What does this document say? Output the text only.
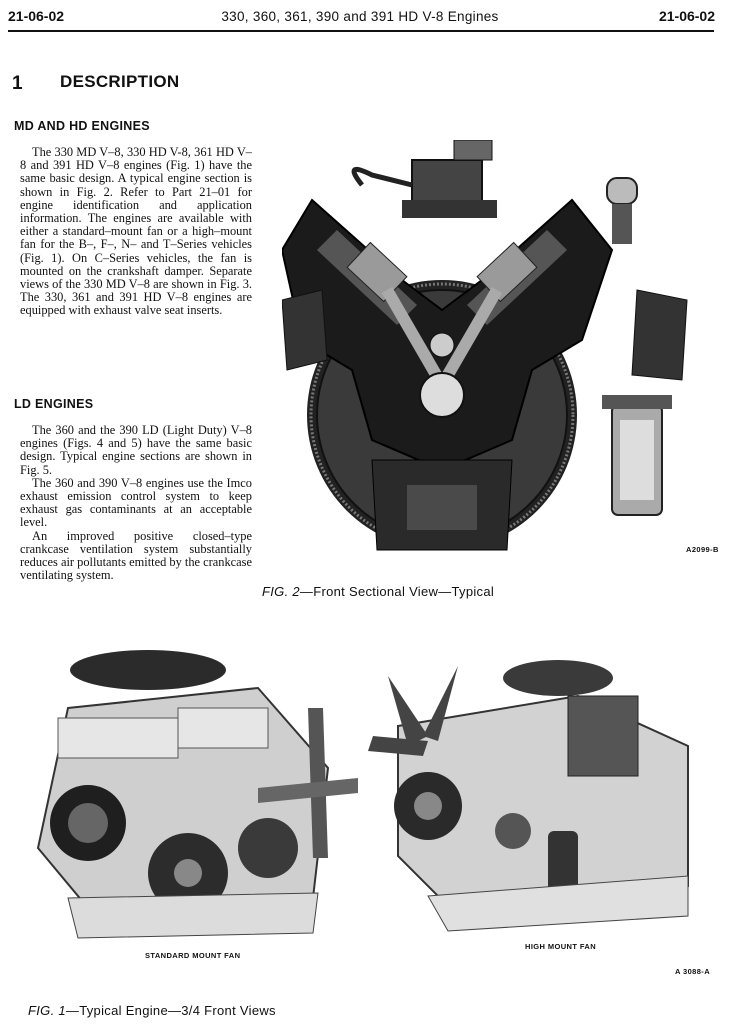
21-06-02	330, 360, 361, 390 and 391 HD V-8 Engines	21-06-02
1 DESCRIPTION
MD AND HD ENGINES

The 330 MD V–8, 330 HD V-8, 361 HD V–8 and 391 HD V–8 engines (Fig. 1) have the same basic design. A typical engine section is shown in Fig. 2. Refer to Part 21–01 for engine identification and application information. The engines are available with either a standard–mount fan or a high–mount fan for the B–, F–, N– and T–Series vehicles (Fig. 1). On C–Series vehicles, the fan is mounted on the crankshaft damper. Separate views of the 330 MD V–8 are shown in Fig. 3. The 330, 361 and 391 HD V–8 engines are equipped with exhaust valve seat inserts.

LD ENGINES

The 360 and the 390 LD (Light Duty) V–8 engines (Figs. 4 and 5) have the same basic design. Typical engine sections are shown in Fig. 5.

The 360 and 390 V–8 engines use the Imco exhaust emission control system to keep exhaust gas contaminants at an acceptable level.

An improved positive closed–type crankcase ventilation system substantially reduces air pollutants emitted by the crankcase ventilating system.

A2099-B
FIG. 2—Front Sectional View—Typical
STANDARD MOUNT FAN
HIGH MOUNT FAN
A 3088-A
FIG. 1—Typical Engine—3/4 Front Views
